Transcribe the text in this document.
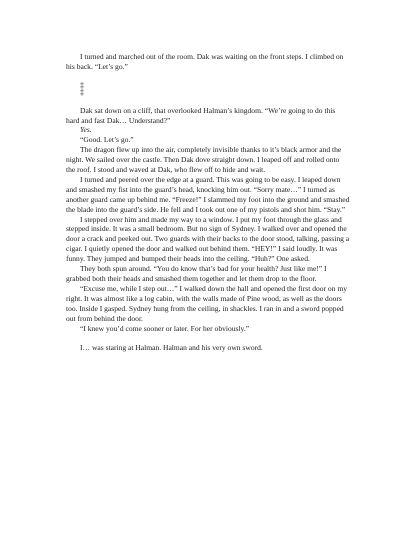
I turned and marched out of the room. Dak was waiting on the front steps. I climbed on his back. “Let’s go.”

‡

‡

Dak sat down on a cliff, that overlooked Halman’s kingdom. “We’re going to do this hard and fast Dak… Understand?”

Yes.

“Good. Let’s go.”

The dragon flew up into the air, completely invisible thanks to it’s black armor and the night. We sailed over the castle. Then Dak dove straight down. I leaped off and rolled onto the roof. I stood and waved at Dak, who flew off to hide and wait.

I turned and peered over the edge at a guard. This was going to be easy. I leaped down and smashed my fist into the guard’s head, knocking him out. “Sorry mate…” I turned as another guard came up behind me. “Freeze!” I slammed my foot into the ground and smashed the blade into the guard’s side. He fell and I took out one of my pistols and shot him. “Stay.”

I stepped over him and made my way to a window. I put my foot through the glass and stepped inside. It was a small bedroom. But no sign of Sydney. I walked over and opened the door a crack and peeked out. Two guards with their backs to the door stood, talking, passing a cigar. I quietly opened the door and walked out behind them. “HEY!” I said loudly. It was funny. They jumped and bumped their heads into the ceiling. “Huh?” One asked.

They both spun around. “You do know that’s bad for your health? Just like me!” I grabbed both their heads and smashed them together and let them drop to the floor.

“Excuse me, while I step out…” I walked down the hall and opened the first door on my right. It was almost like a log cabin, with the walls made of Pine wood, as well as the doors too. Inside I gasped. Sydney hung from the ceiling, in shackles. I ran in and a sword popped out from behind the door.

“I knew you’d come sooner or later. For her obviously.”

I… was staring at Halman. Halman and his very own sword.
